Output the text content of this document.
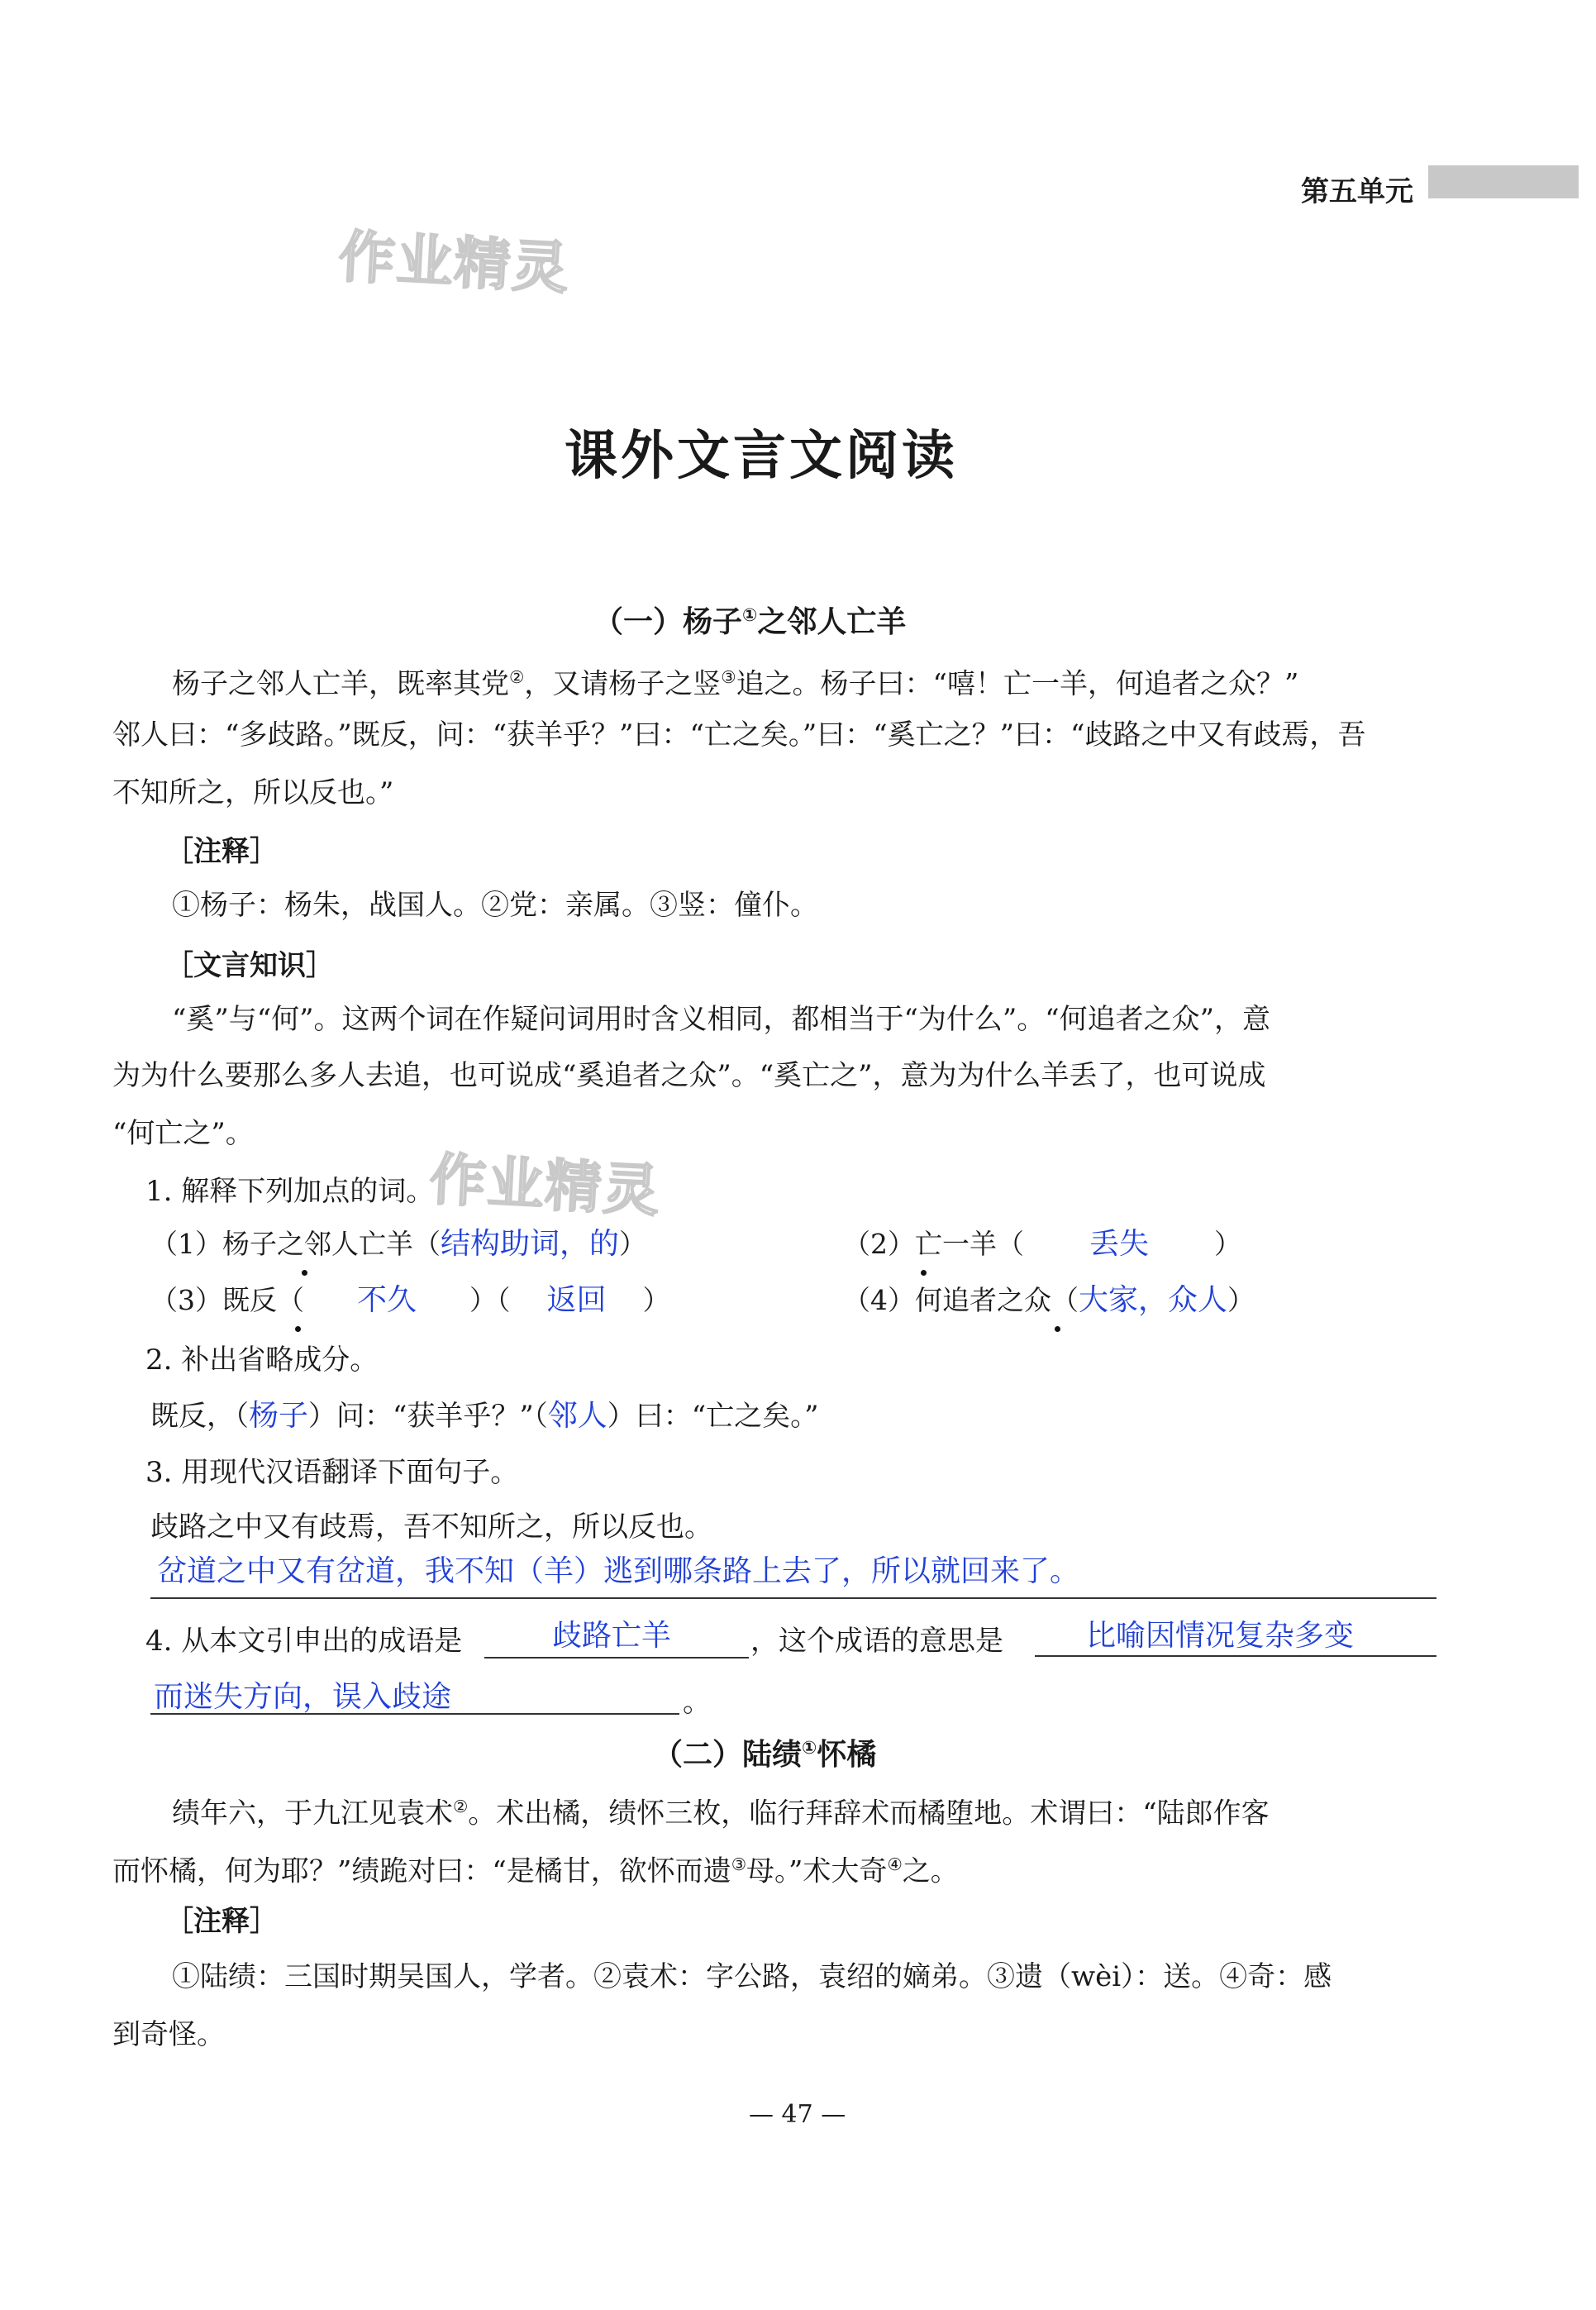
第五单元
作业精灵
作业精灵
课外文言文阅读
（一）杨子①之邻人亡羊
杨子之邻人亡羊，既率其党②，又请杨子之竖③追之。杨子曰：“嘻！亡一羊，何追者之众？”
邻人曰：“多歧路。”既反，问：“获羊乎？”曰：“亡之矣。”曰：“奚亡之？”曰：“歧路之中又有歧焉，吾
不知所之，所以反也。”
［注释］
①杨子：杨朱，战国人。②党：亲属。③竖：僮仆。
［文言知识］
“奚”与“何”。这两个词在作疑问词用时含义相同，都相当于“为什么”。“何追者之众”，意
为为什么要那么多人去追，也可说成“奚追者之众”。“奚亡之”，意为为什么羊丢了，也可说成
“何亡之”。
1. 解释下列加点的词。
（1）杨子之邻人亡羊（结构助词，的）	（2）亡一羊（ 丢失 ）
（3）既反（ 不久 ）（ 返回 ）	（4）何追者之众（大家，众人）
2. 补出省略成分。
既反，（杨子）问：“获羊乎？”（邻人）曰：“亡之矣。”
3. 用现代汉语翻译下面句子。
歧路之中又有歧焉，吾不知所之，所以反也。
岔道之中又有岔道，我不知（羊）逃到哪条路上去了，所以就回来了。
4. 从本文引申出的成语是	歧路亡羊	，这个成语的意思是	比喻因情况复杂多变
而迷失方向，误入歧途	。
（二）陆绩①怀橘
绩年六，于九江见袁术②。术出橘，绩怀三枚，临行拜辞术而橘堕地。术谓曰：“陆郎作客
而怀橘，何为耶？”绩跪对曰：“是橘甘，欲怀而遗③母。”术大奇④之。
［注释］
①陆绩：三国时期吴国人，学者。②袁术：字公路，袁绍的嫡弟。③遗（wèi）：送。④奇：感
到奇怪。
— 47 —
